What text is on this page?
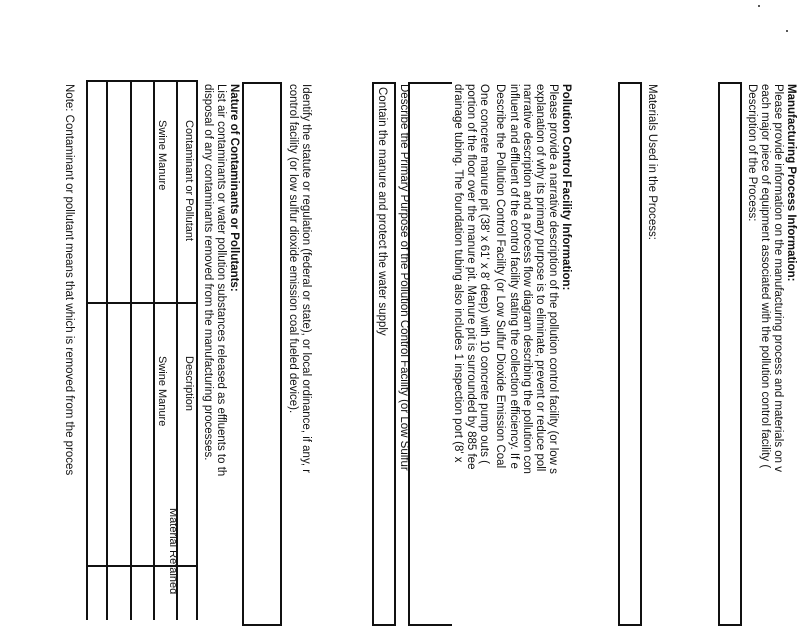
Manufacturing Process Information:
Please provide information on the manufacturing process and materials on v
each major piece of equipment associated with the pollution control facility (
Description of the Process:
Materials Used in the Process:
Pollution Control Facility Information:
Please provide a narrative description of the pollution control facility (or low s
explanation of why its primary purpose is to eliminate, prevent or reduce poll
narrative description and a process flow diagram describing the pollution con
influent and effluent of the control facility stating the collection efficiency. If e
Describe the Pollution Control Facility (or Low Sulfur Dioxide Emission Coal
One concrete manure pit (38' x 61' x 8' deep) with 10 concrete pump outs (
portion of the floor over the manure pit. Manure pit is surrounded by 885 fee
drainage tubing. The foundation tubing also includes 1 inspection port (8' x
Describe the Primary Purpose of the Pollution Control Facility (or Low Sulfur
Contain the manure and protect the water supply
Identify the statute or regulation (federal or state), or local ordinance, if any, r
control facility (or low sulfur dioxide emission coal fueled device).
Nature of Contaminants or Pollutants:
List air contaminants or water pollution substances released as effluents to th
disposal of any contaminants removed from the manufacturing processes.
Contaminant or Pollutant
Description
Material Retained
Swine Manure
Swine Manure
Note: Contaminant or pollutant means that which is removed from the proces
